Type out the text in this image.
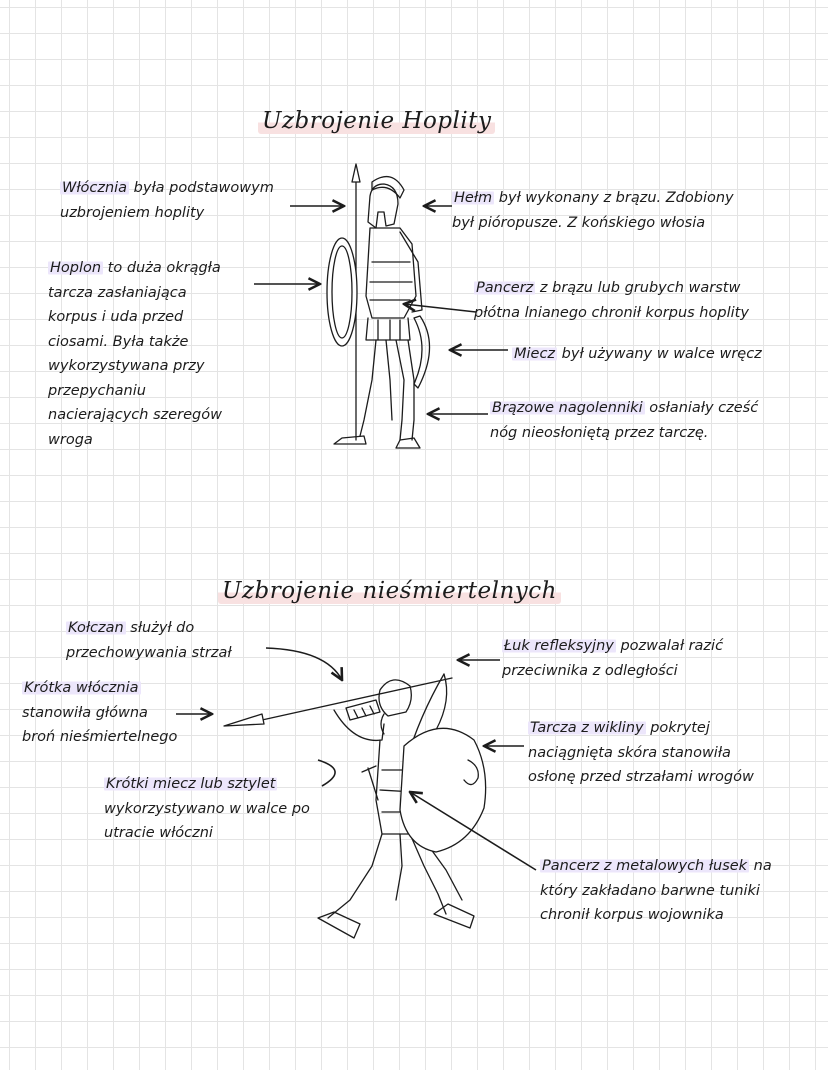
Uzbrojenie Hoplity
Włócznia była podstawowym
uzbrojeniem hoplity
Hełm był wykonany z brązu. Zdobiony
był pióropusze. Z końskiego włosia
Hoplon to duża okrągła
tarcza zasłaniająca
korpus i uda przed
ciosami. Była także
wykorzystywana przy
przepychaniu
nacierających szeregów
wroga
Pancerz z brązu lub grubych warstw
płótna lnianego chronił korpus hoplity
Miecz był używany w walce wręcz
Brązowe nagolenniki osłaniały cześć
nóg nieosłoniętą przez tarczę.
Uzbrojenie nieśmiertelnych
Kołczan służył do
przechowywania strzał	Łuk refleksyjny pozwalał razić
przeciwnika z odległości
Krótka włócznia
stanowiła główna
broń nieśmiertelnego
Tarcza z wikliny pokrytej
naciągnięta skóra stanowiła
osłonę przed strzałami wrogów
Krótki miecz lub sztylet
wykorzystywano w walce po
utracie włóczni
Pancerz z metalowych łusek na
który zakładano barwne tuniki
chronił korpus wojownika
